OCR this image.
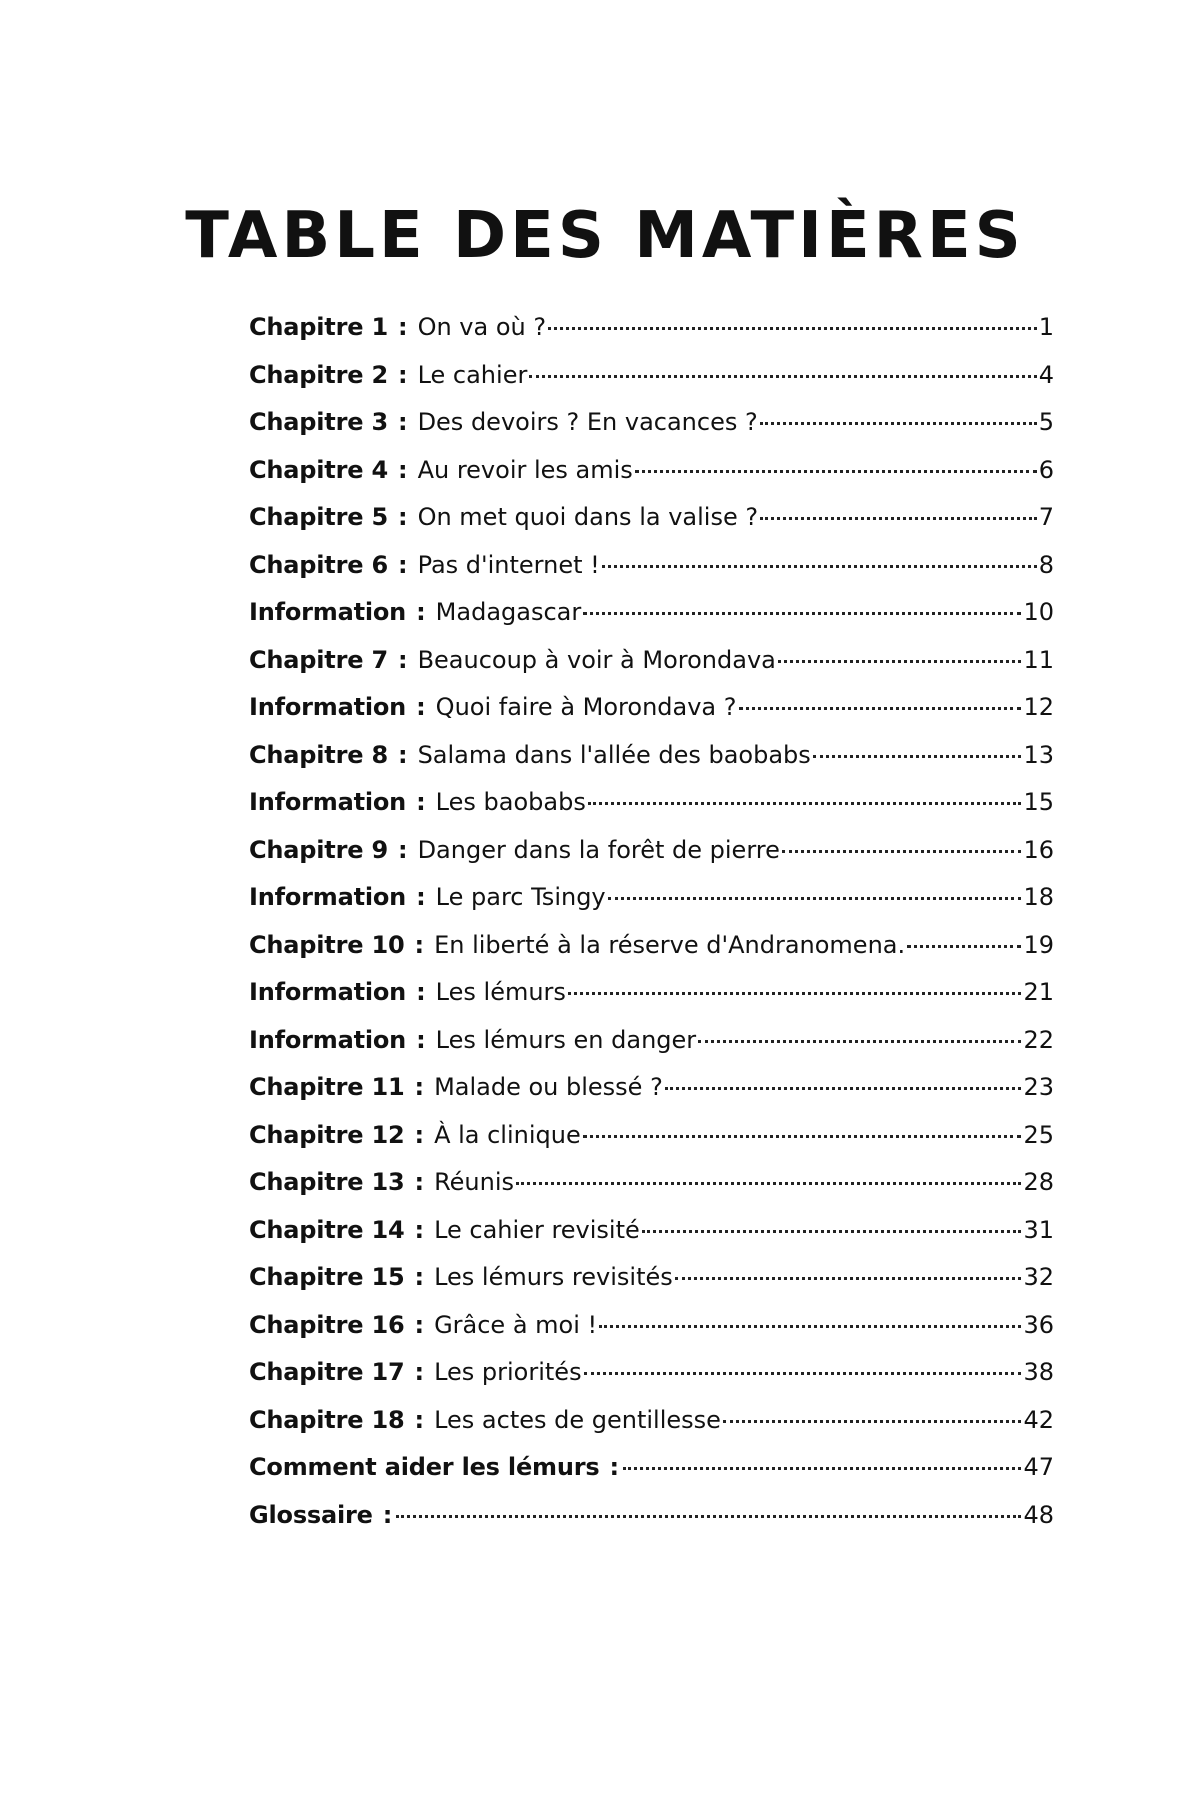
TABLE DES MATIÈRES
Chapitre 1 : On va où ?	1
Chapitre 2 : Le cahier	4
Chapitre 3 : Des devoirs ? En vacances ?	5
Chapitre 4 : Au revoir les amis	6
Chapitre 5 : On met quoi dans la valise ?	7
Chapitre 6 : Pas d'internet !	8
Information : Madagascar	10
Chapitre 7 : Beaucoup à voir à Morondava	11
Information : Quoi faire à Morondava ?	12
Chapitre 8 : Salama dans l'allée des baobabs	13
Information : Les baobabs	15
Chapitre 9 : Danger dans la forêt de pierre	16
Information : Le parc Tsingy	18
Chapitre 10 : En liberté à la réserve d'Andranomena.	19
Information : Les lémurs	21
Information : Les lémurs en danger	22
Chapitre 11 : Malade ou blessé ?	23
Chapitre 12 : À la clinique	25
Chapitre 13 : Réunis	28
Chapitre 14 : Le cahier revisité	31
Chapitre 15 : Les lémurs revisités	32
Chapitre 16 : Grâce à moi !	36
Chapitre 17 : Les priorités	38
Chapitre 18 : Les actes de gentillesse	42
Comment aider les lémurs :	47
Glossaire :	48
